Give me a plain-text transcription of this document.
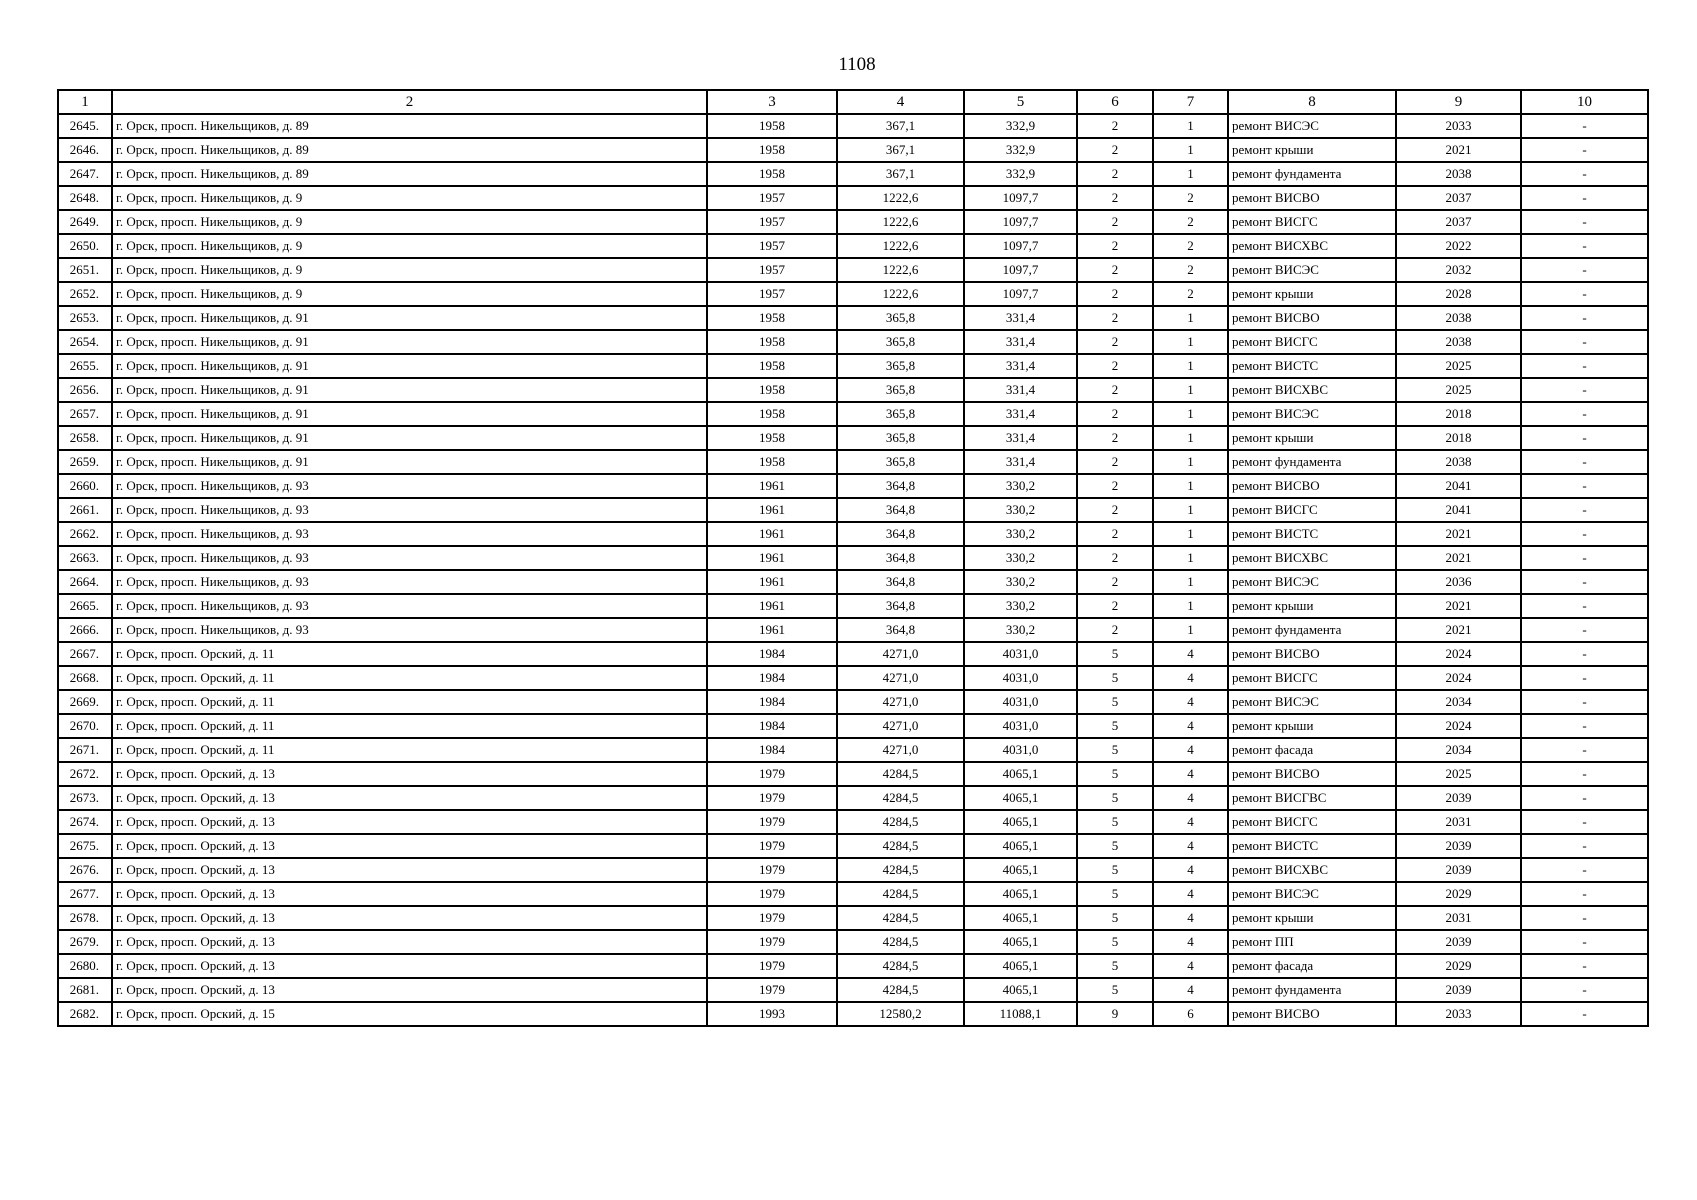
1108
1	2	3	4	5	6	7	8	9	10
2645.	г. Орск, просп. Никельщиков, д. 89	1958	367,1	332,9	2	1	ремонт ВИСЭС	2033	-
2646.	г. Орск, просп. Никельщиков, д. 89	1958	367,1	332,9	2	1	ремонт крыши	2021	-
2647.	г. Орск, просп. Никельщиков, д. 89	1958	367,1	332,9	2	1	ремонт фундамента	2038	-
2648.	г. Орск, просп. Никельщиков, д. 9	1957	1222,6	1097,7	2	2	ремонт ВИСВО	2037	-
2649.	г. Орск, просп. Никельщиков, д. 9	1957	1222,6	1097,7	2	2	ремонт ВИСГС	2037	-
2650.	г. Орск, просп. Никельщиков, д. 9	1957	1222,6	1097,7	2	2	ремонт ВИСХВС	2022	-
2651.	г. Орск, просп. Никельщиков, д. 9	1957	1222,6	1097,7	2	2	ремонт ВИСЭС	2032	-
2652.	г. Орск, просп. Никельщиков, д. 9	1957	1222,6	1097,7	2	2	ремонт крыши	2028	-
2653.	г. Орск, просп. Никельщиков, д. 91	1958	365,8	331,4	2	1	ремонт ВИСВО	2038	-
2654.	г. Орск, просп. Никельщиков, д. 91	1958	365,8	331,4	2	1	ремонт ВИСГС	2038	-
2655.	г. Орск, просп. Никельщиков, д. 91	1958	365,8	331,4	2	1	ремонт ВИСТС	2025	-
2656.	г. Орск, просп. Никельщиков, д. 91	1958	365,8	331,4	2	1	ремонт ВИСХВС	2025	-
2657.	г. Орск, просп. Никельщиков, д. 91	1958	365,8	331,4	2	1	ремонт ВИСЭС	2018	-
2658.	г. Орск, просп. Никельщиков, д. 91	1958	365,8	331,4	2	1	ремонт крыши	2018	-
2659.	г. Орск, просп. Никельщиков, д. 91	1958	365,8	331,4	2	1	ремонт фундамента	2038	-
2660.	г. Орск, просп. Никельщиков, д. 93	1961	364,8	330,2	2	1	ремонт ВИСВО	2041	-
2661.	г. Орск, просп. Никельщиков, д. 93	1961	364,8	330,2	2	1	ремонт ВИСГС	2041	-
2662.	г. Орск, просп. Никельщиков, д. 93	1961	364,8	330,2	2	1	ремонт ВИСТС	2021	-
2663.	г. Орск, просп. Никельщиков, д. 93	1961	364,8	330,2	2	1	ремонт ВИСХВС	2021	-
2664.	г. Орск, просп. Никельщиков, д. 93	1961	364,8	330,2	2	1	ремонт ВИСЭС	2036	-
2665.	г. Орск, просп. Никельщиков, д. 93	1961	364,8	330,2	2	1	ремонт крыши	2021	-
2666.	г. Орск, просп. Никельщиков, д. 93	1961	364,8	330,2	2	1	ремонт фундамента	2021	-
2667.	г. Орск, просп. Орский, д. 11	1984	4271,0	4031,0	5	4	ремонт ВИСВО	2024	-
2668.	г. Орск, просп. Орский, д. 11	1984	4271,0	4031,0	5	4	ремонт ВИСГС	2024	-
2669.	г. Орск, просп. Орский, д. 11	1984	4271,0	4031,0	5	4	ремонт ВИСЭС	2034	-
2670.	г. Орск, просп. Орский, д. 11	1984	4271,0	4031,0	5	4	ремонт крыши	2024	-
2671.	г. Орск, просп. Орский, д. 11	1984	4271,0	4031,0	5	4	ремонт фасада	2034	-
2672.	г. Орск, просп. Орский, д. 13	1979	4284,5	4065,1	5	4	ремонт ВИСВО	2025	-
2673.	г. Орск, просп. Орский, д. 13	1979	4284,5	4065,1	5	4	ремонт ВИСГВС	2039	-
2674.	г. Орск, просп. Орский, д. 13	1979	4284,5	4065,1	5	4	ремонт ВИСГС	2031	-
2675.	г. Орск, просп. Орский, д. 13	1979	4284,5	4065,1	5	4	ремонт ВИСТС	2039	-
2676.	г. Орск, просп. Орский, д. 13	1979	4284,5	4065,1	5	4	ремонт ВИСХВС	2039	-
2677.	г. Орск, просп. Орский, д. 13	1979	4284,5	4065,1	5	4	ремонт ВИСЭС	2029	-
2678.	г. Орск, просп. Орский, д. 13	1979	4284,5	4065,1	5	4	ремонт крыши	2031	-
2679.	г. Орск, просп. Орский, д. 13	1979	4284,5	4065,1	5	4	ремонт ПП	2039	-
2680.	г. Орск, просп. Орский, д. 13	1979	4284,5	4065,1	5	4	ремонт фасада	2029	-
2681.	г. Орск, просп. Орский, д. 13	1979	4284,5	4065,1	5	4	ремонт фундамента	2039	-
2682.	г. Орск, просп. Орский, д. 15	1993	12580,2	11088,1	9	6	ремонт ВИСВО	2033	-
